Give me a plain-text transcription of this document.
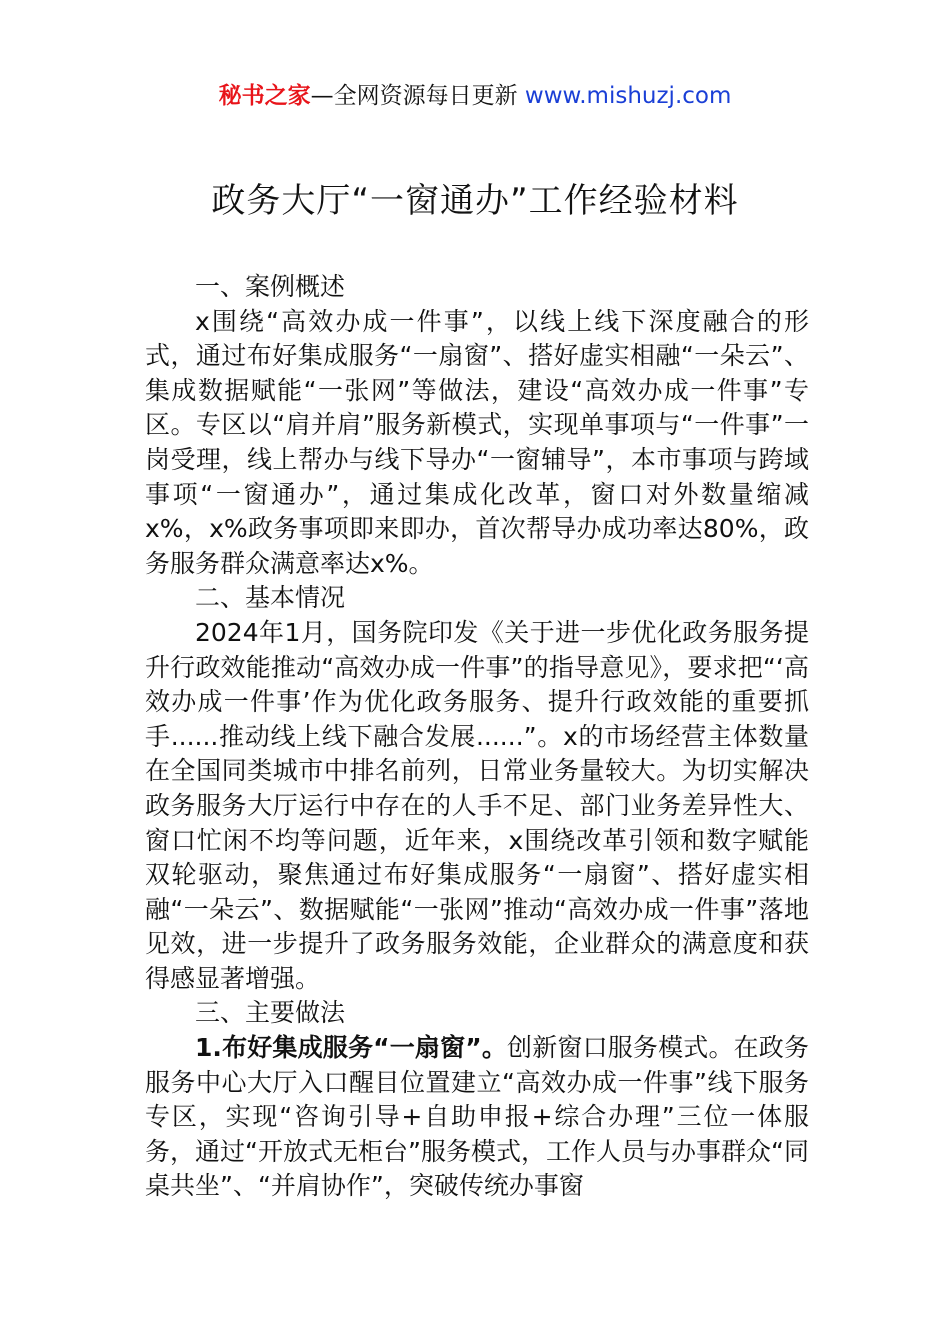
秘书之家—全网资源每日更新 www.mishuzj.com
政务大厅“一窗通办”工作经验材料

一、案例概述

x围绕“高效办成一件事”，以线上线下深度融合的形式，通过布好集成服务“一扇窗”、搭好虚实相融“一朵云”、集成数据赋能“一张网”等做法，建设“高效办成一件事”专区。专区以“肩并肩”服务新模式，实现单事项与“一件事”一岗受理，线上帮办与线下导办“一窗辅导”，本市事项与跨域事项“一窗通办”，通过集成化改革，窗口对外数量缩减x%，x%政务事项即来即办，首次帮导办成功率达80%，政务服务群众满意率达x%。

二、基本情况

2024年1月，国务院印发《关于进一步优化政务服务提升行政效能推动“高效办成一件事”的指导意见》，要求把“‘高效办成一件事’作为优化政务服务、提升行政效能的重要抓手......推动线上线下融合发展......”。x的市场经营主体数量在全国同类城市中排名前列，日常业务量较大。为切实解决政务服务大厅运行中存在的人手不足、部门业务差异性大、窗口忙闲不均等问题，近年来，x围绕改革引领和数字赋能双轮驱动，聚焦通过布好集成服务“一扇窗”、搭好虚实相融“一朵云”、数据赋能“一张网”推动“高效办成一件事”落地见效，进一步提升了政务服务效能，企业群众的满意度和获得感显著增强。

三、主要做法

1.布好集成服务“一扇窗”。创新窗口服务模式。在政务服务中心大厅入口醒目位置建立“高效办成一件事”线下服务专区，实现“咨询引导+自助申报+综合办理”三位一体服务，通过“开放式无柜台”服务模式，工作人员与办事群众“同桌共坐”、“并肩协作”，突破传统办事窗
